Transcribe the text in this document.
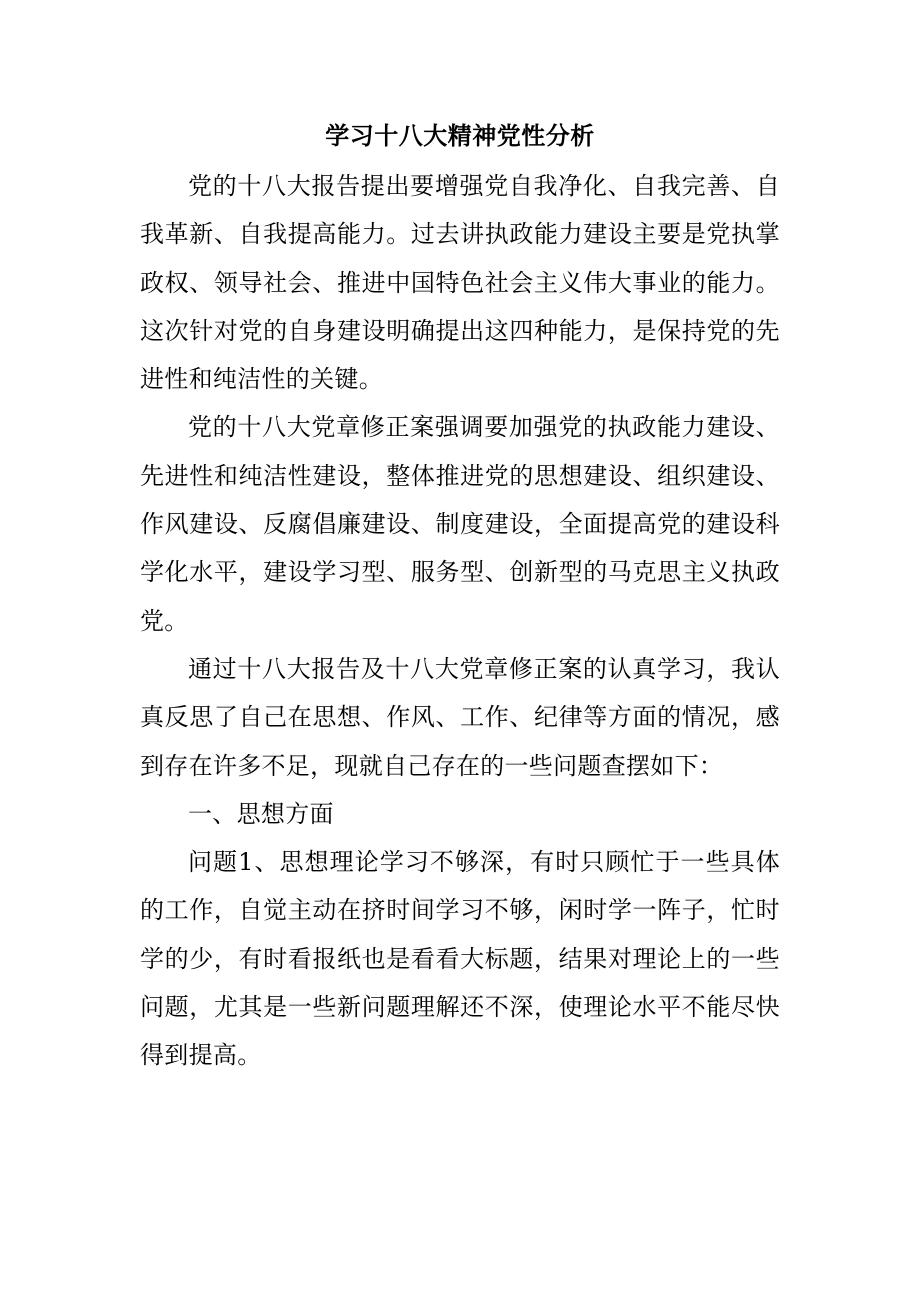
学习十八大精神党性分析

党的十八大报告提出要增强党自我净化、自我完善、自我革新、自我提高能力。过去讲执政能力建设主要是党执掌政权、领导社会、推进中国特色社会主义伟大事业的能力。这次针对党的自身建设明确提出这四种能力，是保持党的先进性和纯洁性的关键。

党的十八大党章修正案强调要加强党的执政能力建设、先进性和纯洁性建设，整体推进党的思想建设、组织建设、作风建设、反腐倡廉建设、制度建设，全面提高党的建设科学化水平，建设学习型、服务型、创新型的马克思主义执政党。

通过十八大报告及十八大党章修正案的认真学习，我认真反思了自己在思想、作风、工作、纪律等方面的情况，感到存在许多不足，现就自己存在的一些问题查摆如下：

一、思想方面

问题1、思想理论学习不够深，有时只顾忙于一些具体的工作，自觉主动在挤时间学习不够，闲时学一阵子，忙时学的少，有时看报纸也是看看大标题，结果对理论上的一些问题，尤其是一些新问题理解还不深，使理论水平不能尽快得到提高。
